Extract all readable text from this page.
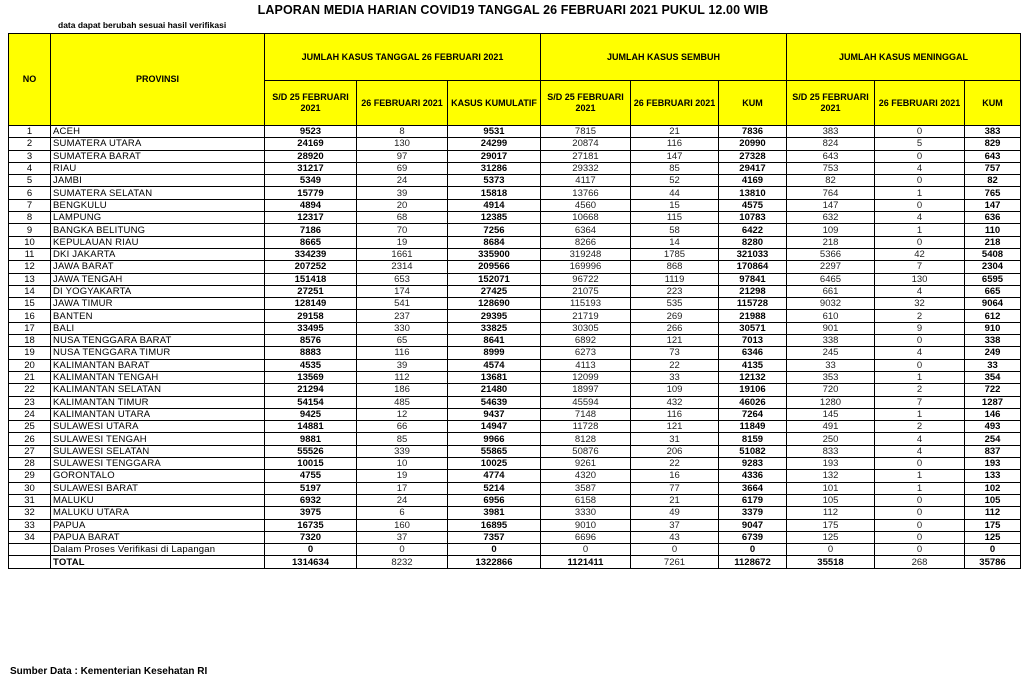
LAPORAN MEDIA HARIAN COVID19 TANGGAL 26 FEBRUARI 2021 PUKUL 12.00 WIB
data dapat berubah sesuai hasil verifikasi
NO	PROVINSI	JUMLAH KASUS TANGGAL 26 FEBRUARI 2021			JUMLAH KASUS SEMBUH			JUMLAH KASUS MENINGGAL		
		S/D 25 FEBRUARI 2021	26 FEBRUARI 2021	KASUS KUMULATIF	S/D 25 FEBRUARI 2021	26 FEBRUARI 2021	KUM	S/D 25 FEBRUARI 2021	26 FEBRUARI 2021	KUM
1	ACEH	9523	8	9531	7815	21	7836	383	0	383
2	SUMATERA UTARA	24169	130	24299	20874	116	20990	824	5	829
3	SUMATERA BARAT	28920	97	29017	27181	147	27328	643	0	643
4	RIAU	31217	69	31286	29332	85	29417	753	4	757
5	JAMBI	5349	24	5373	4117	52	4169	82	0	82
6	SUMATERA SELATAN	15779	39	15818	13766	44	13810	764	1	765
7	BENGKULU	4894	20	4914	4560	15	4575	147	0	147
8	LAMPUNG	12317	68	12385	10668	115	10783	632	4	636
9	BANGKA BELITUNG	7186	70	7256	6364	58	6422	109	1	110
10	KEPULAUAN RIAU	8665	19	8684	8266	14	8280	218	0	218
11	DKI JAKARTA	334239	1661	335900	319248	1785	321033	5366	42	5408
12	JAWA BARAT	207252	2314	209566	169996	868	170864	2297	7	2304
13	JAWA TENGAH	151418	653	152071	96722	1119	97841	6465	130	6595
14	DI YOGYAKARTA	27251	174	27425	21075	223	21298	661	4	665
15	JAWA TIMUR	128149	541	128690	115193	535	115728	9032	32	9064
16	BANTEN	29158	237	29395	21719	269	21988	610	2	612
17	BALI	33495	330	33825	30305	266	30571	901	9	910
18	NUSA TENGGARA BARAT	8576	65	8641	6892	121	7013	338	0	338
19	NUSA TENGGARA TIMUR	8883	116	8999	6273	73	6346	245	4	249
20	KALIMANTAN BARAT	4535	39	4574	4113	22	4135	33	0	33
21	KALIMANTAN TENGAH	13569	112	13681	12099	33	12132	353	1	354
22	KALIMANTAN SELATAN	21294	186	21480	18997	109	19106	720	2	722
23	KALIMANTAN TIMUR	54154	485	54639	45594	432	46026	1280	7	1287
24	KALIMANTAN UTARA	9425	12	9437	7148	116	7264	145	1	146
25	SULAWESI UTARA	14881	66	14947	11728	121	11849	491	2	493
26	SULAWESI TENGAH	9881	85	9966	8128	31	8159	250	4	254
27	SULAWESI SELATAN	55526	339	55865	50876	206	51082	833	4	837
28	SULAWESI TENGGARA	10015	10	10025	9261	22	9283	193	0	193
29	GORONTALO	4755	19	4774	4320	16	4336	132	1	133
30	SULAWESI BARAT	5197	17	5214	3587	77	3664	101	1	102
31	MALUKU	6932	24	6956	6158	21	6179	105	0	105
32	MALUKU UTARA	3975	6	3981	3330	49	3379	112	0	112
33	PAPUA	16735	160	16895	9010	37	9047	175	0	175
34	PAPUA BARAT	7320	37	7357	6696	43	6739	125	0	125
	Dalam Proses Verifikasi di Lapangan	0	0	0	0	0	0	0	0	0
	TOTAL	1314634	8232	1322866	1121411	7261	1128672	35518	268	35786
Sumber Data : Kementerian Kesehatan RI
